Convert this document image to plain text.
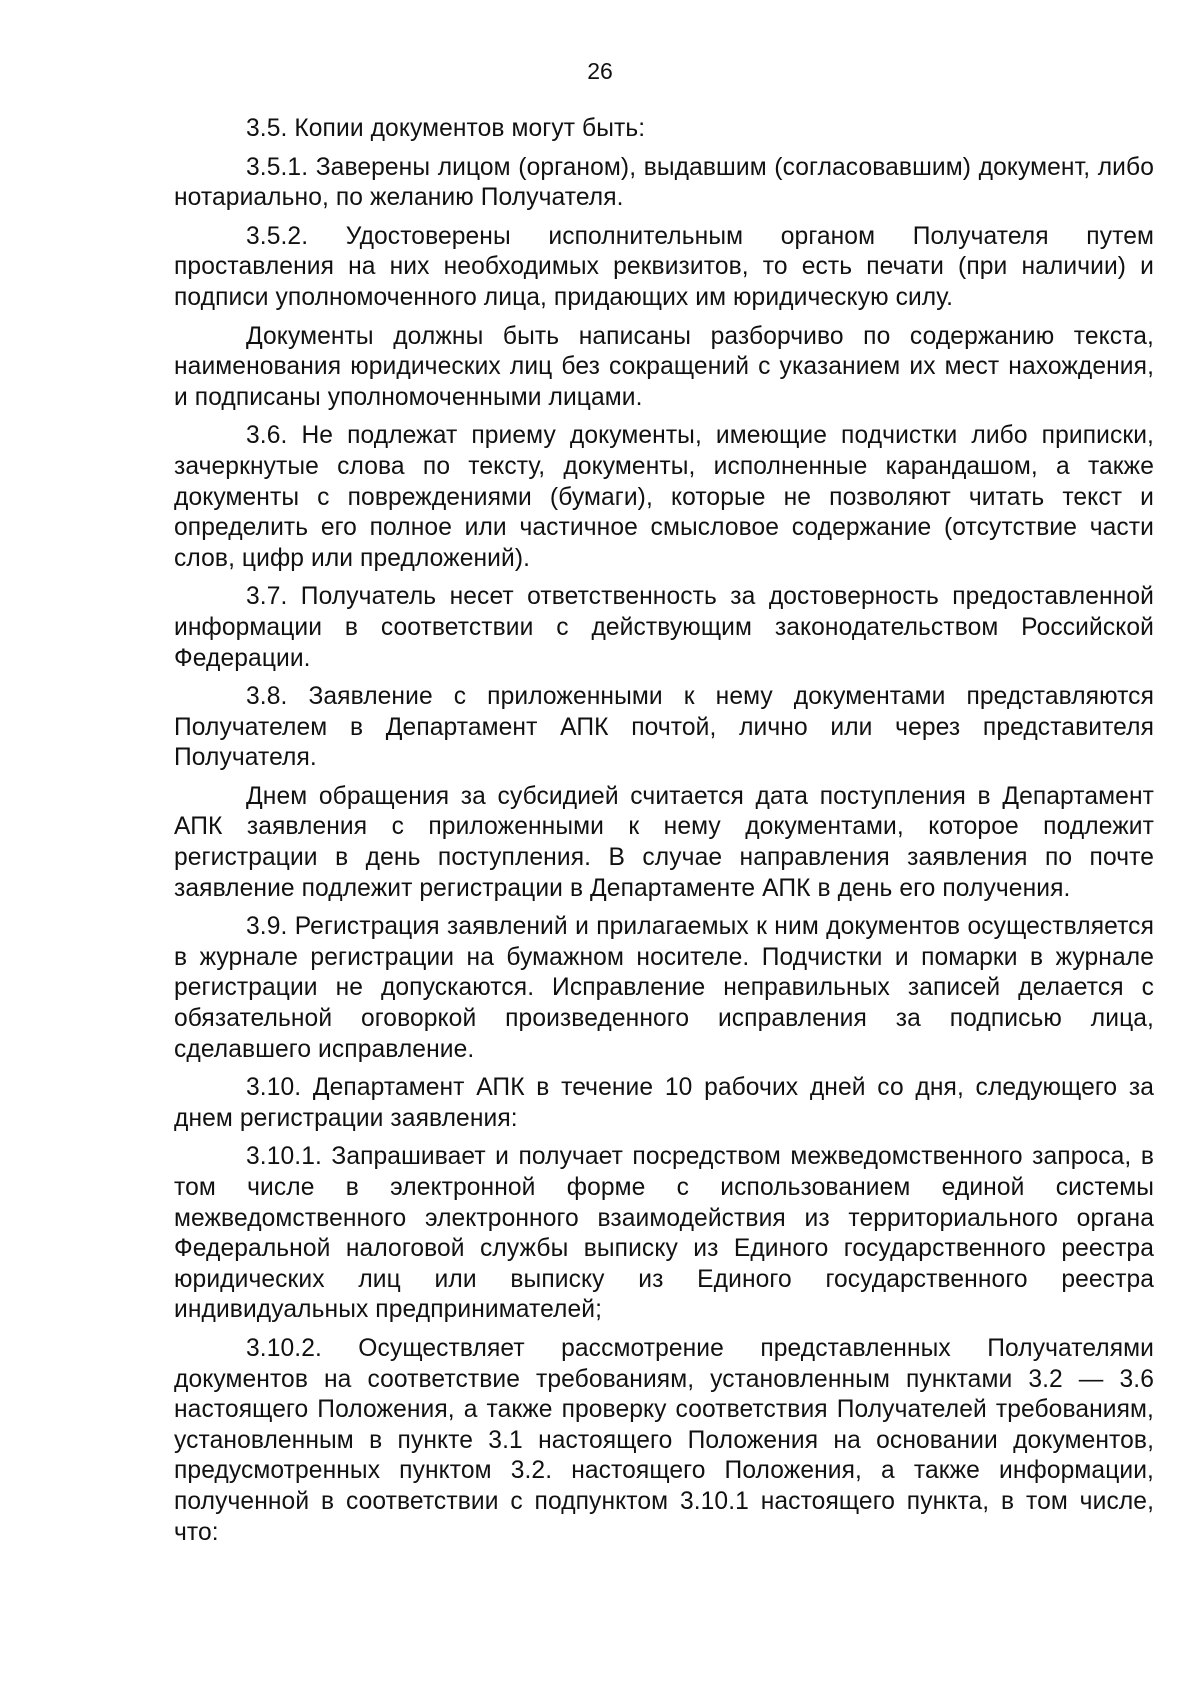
26

3.5. Копии документов могут быть:

3.5.1. Заверены лицом (органом), выдавшим (согласовавшим) документ, либо нотариально, по желанию Получателя.

3.5.2. Удостоверены исполнительным органом Получателя путем проставления на них необходимых реквизитов, то есть печати (при наличии) и подписи уполномоченного лица, придающих им юридическую силу.

Документы должны быть написаны разборчиво по содержанию текста, наименования юридических лиц без сокращений с указанием их мест нахождения, и подписаны уполномоченными лицами.

3.6. Не подлежат приему документы, имеющие подчистки либо приписки, зачеркнутые слова по тексту, документы, исполненные карандашом, а также документы с повреждениями (бумаги), которые не позволяют читать текст и определить его полное или частичное смысловое содержание (отсутствие части слов, цифр или предложений).

3.7. Получатель несет ответственность за достоверность предоставленной информации в соответствии с действующим законодательством Российской Федерации.

3.8. Заявление с приложенными к нему документами представляются Получателем в Департамент АПК почтой, лично или через представителя Получателя.

Днем обращения за субсидией считается дата поступления в Департамент АПК заявления с приложенными к нему документами, которое подлежит регистрации в день поступления. В случае направления заявления по почте заявление подлежит регистрации в Департаменте АПК в день его получения.

3.9. Регистрация заявлений и прилагаемых к ним документов осуществляется в журнале регистрации на бумажном носителе. Подчистки и помарки в журнале регистрации не допускаются. Исправление неправильных записей делается с обязательной оговоркой произведенного исправления за подписью лица, сделавшего исправление.

3.10. Департамент АПК в течение 10 рабочих дней со дня, следующего за днем регистрации заявления:

3.10.1. Запрашивает и получает посредством межведомственного запроса, в том числе в электронной форме с использованием единой системы межведомственного электронного взаимодействия из территориального органа Федеральной налоговой службы выписку из Единого государственного реестра юридических лиц или выписку из Единого государственного реестра индивидуальных предпринимателей;

3.10.2. Осуществляет рассмотрение представленных Получателями документов на соответствие требованиям, установленным пунктами 3.2 — 3.6 настоящего Положения, а также проверку соответствия Получателей требованиям, установленным в пункте 3.1 настоящего Положения на основании документов, предусмотренных пунктом 3.2. настоящего Положения, а также информации, полученной в соответствии с подпунктом 3.10.1 настоящего пункта, в том числе, что:
